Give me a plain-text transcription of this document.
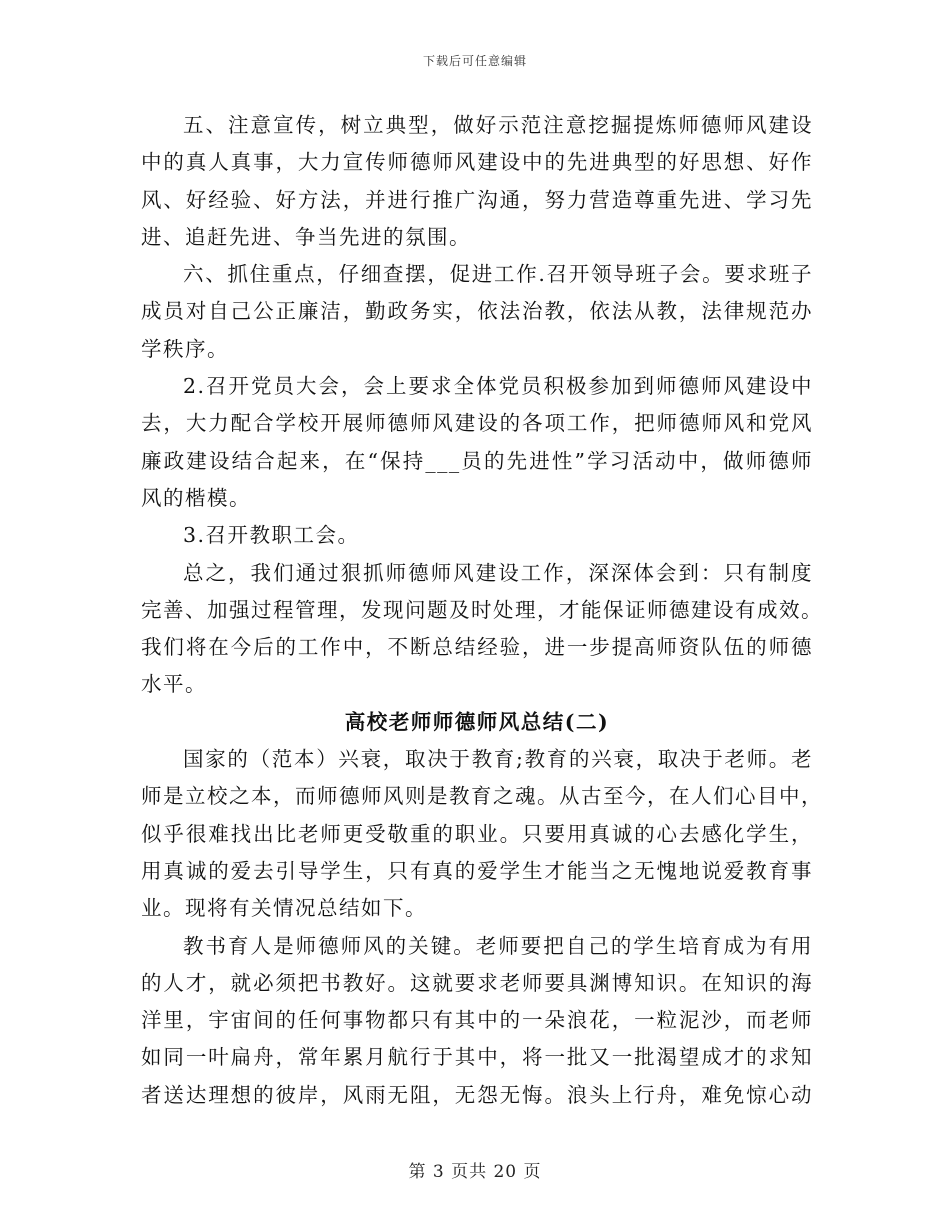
下载后可任意编辑
五、注意宣传，树立典型，做好示范注意挖掘提炼师德师风建设
中的真人真事，大力宣传师德师风建设中的先进典型的好思想、好作
风、好经验、好方法，并进行推广沟通，努力营造尊重先进、学习先
进、追赶先进、争当先进的氛围。
六、抓住重点，仔细查摆，促进工作.召开领导班子会。要求班子
成员对自己公正廉洁，勤政务实，依法治教，依法从教，法律规范办
学秩序。
2.召开党员大会，会上要求全体党员积极参加到师德师风建设中
去，大力配合学校开展师德师风建设的各项工作，把师德师风和党风
廉政建设结合起来，在“保持___员的先进性”学习活动中，做师德师
风的楷模。
3.召开教职工会。
总之，我们通过狠抓师德师风建设工作，深深体会到：只有制度
完善、加强过程管理，发现问题及时处理，才能保证师德建设有成效。
我们将在今后的工作中，不断总结经验，进一步提高师资队伍的师德
水平。
高校老师师德师风总结(二)
国家的（范本）兴衰，取决于教育;教育的兴衰，取决于老师。老
师是立校之本，而师德师风则是教育之魂。从古至今，在人们心目中，
似乎很难找出比老师更受敬重的职业。只要用真诚的心去感化学生，
用真诚的爱去引导学生，只有真的爱学生才能当之无愧地说爱教育事
业。现将有关情况总结如下。
教书育人是师德师风的关键。老师要把自己的学生培育成为有用
的人才，就必须把书教好。这就要求老师要具渊博知识。在知识的海
洋里，宇宙间的任何事物都只有其中的一朵浪花，一粒泥沙，而老师
如同一叶扁舟，常年累月航行于其中，将一批又一批渴望成才的求知
者送达理想的彼岸，风雨无阻，无怨无悔。浪头上行舟，难免惊心动
第 3 页共 20 页
